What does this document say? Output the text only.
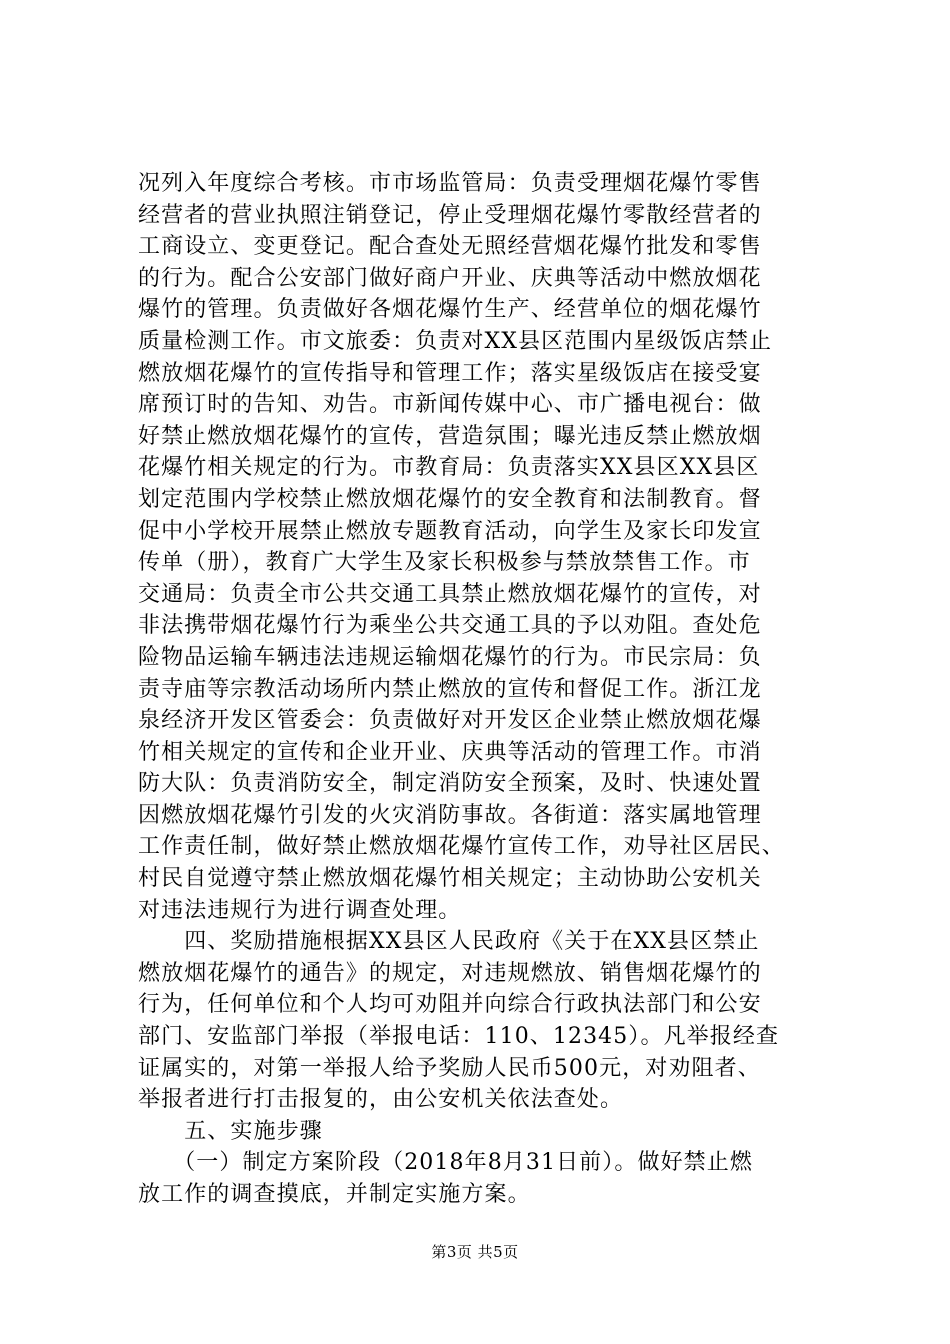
况列入年度综合考核。市市场监管局：负责受理烟花爆竹零售
经营者的营业执照注销登记，停止受理烟花爆竹零散经营者的
工商设立、变更登记。配合查处无照经营烟花爆竹批发和零售
的行为。配合公安部门做好商户开业、庆典等活动中燃放烟花
爆竹的管理。负责做好各烟花爆竹生产、经营单位的烟花爆竹
质量检测工作。市文旅委：负责对XX县区范围内星级饭店禁止
燃放烟花爆竹的宣传指导和管理工作；落实星级饭店在接受宴
席预订时的告知、劝告。市新闻传媒中心、市广播电视台：做
好禁止燃放烟花爆竹的宣传，营造氛围；曝光违反禁止燃放烟
花爆竹相关规定的行为。市教育局：负责落实XX县区XX县区
划定范围内学校禁止燃放烟花爆竹的安全教育和法制教育。督
促中小学校开展禁止燃放专题教育活动，向学生及家长印发宣
传单（册），教育广大学生及家长积极参与禁放禁售工作。市
交通局：负责全市公共交通工具禁止燃放烟花爆竹的宣传，对
非法携带烟花爆竹行为乘坐公共交通工具的予以劝阻。查处危
险物品运输车辆违法违规运输烟花爆竹的行为。市民宗局：负
责寺庙等宗教活动场所内禁止燃放的宣传和督促工作。浙江龙
泉经济开发区管委会：负责做好对开发区企业禁止燃放烟花爆
竹相关规定的宣传和企业开业、庆典等活动的管理工作。市消
防大队：负责消防安全，制定消防安全预案，及时、快速处置
因燃放烟花爆竹引发的火灾消防事故。各街道：落实属地管理
工作责任制，做好禁止燃放烟花爆竹宣传工作，劝导社区居民、
村民自觉遵守禁止燃放烟花爆竹相关规定；主动协助公安机关
对违法违规行为进行调查处理。
　　四、奖励措施根据XX县区人民政府《关于在XX县区禁止
燃放烟花爆竹的通告》的规定，对违规燃放、销售烟花爆竹的
行为，任何单位和个人均可劝阻并向综合行政执法部门和公安
部门、安监部门举报（举报电话：110、12345）。凡举报经查
证属实的，对第一举报人给予奖励人民币500元，对劝阻者、
举报者进行打击报复的，由公安机关依法查处。
　　五、实施步骤
　　（一）制定方案阶段（2018年8月31日前）。做好禁止燃
放工作的调查摸底，并制定实施方案。
第3页 共5页
